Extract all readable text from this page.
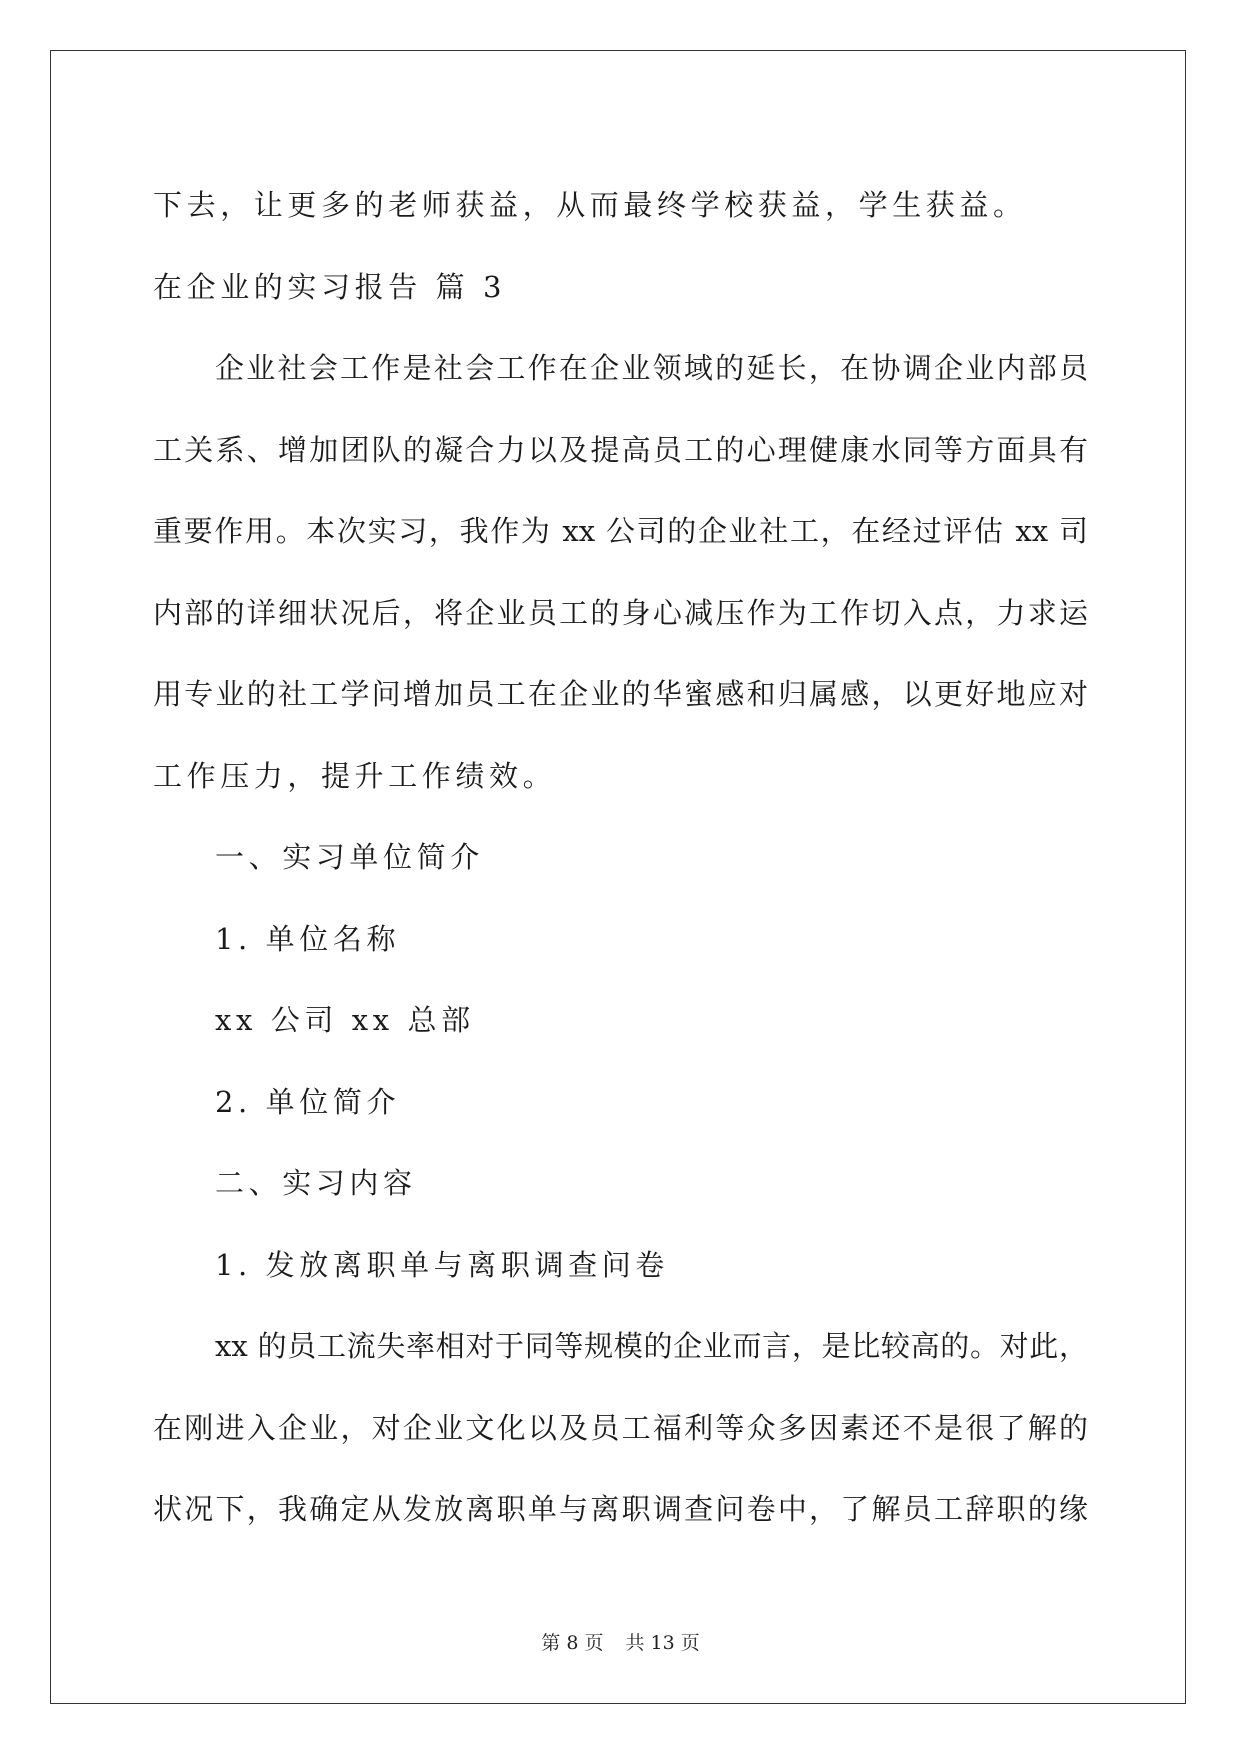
下去，让更多的老师获益，从而最终学校获益，学生获益。
在企业的实习报告 篇 3
企业社会工作是社会工作在企业领域的延长，在协调企业内部员
工关系、增加团队的凝合力以及提高员工的心理健康水同等方面具有
重要作用。本次实习，我作为 xx 公司的企业社工，在经过评估 xx 司
内部的详细状况后，将企业员工的身心减压作为工作切入点，力求运
用专业的社工学问增加员工在企业的华蜜感和归属感，以更好地应对
工作压力，提升工作绩效。
一、实习单位简介
1. 单位名称
xx 公司 xx 总部
2. 单位简介
二、实习内容
1. 发放离职单与离职调查问卷
xx 的员工流失率相对于同等规模的企业而言，是比较高的。对此，
在刚进入企业，对企业文化以及员工福利等众多因素还不是很了解的
状况下，我确定从发放离职单与离职调查问卷中，了解员工辞职的缘
第 8 页 共 13 页
